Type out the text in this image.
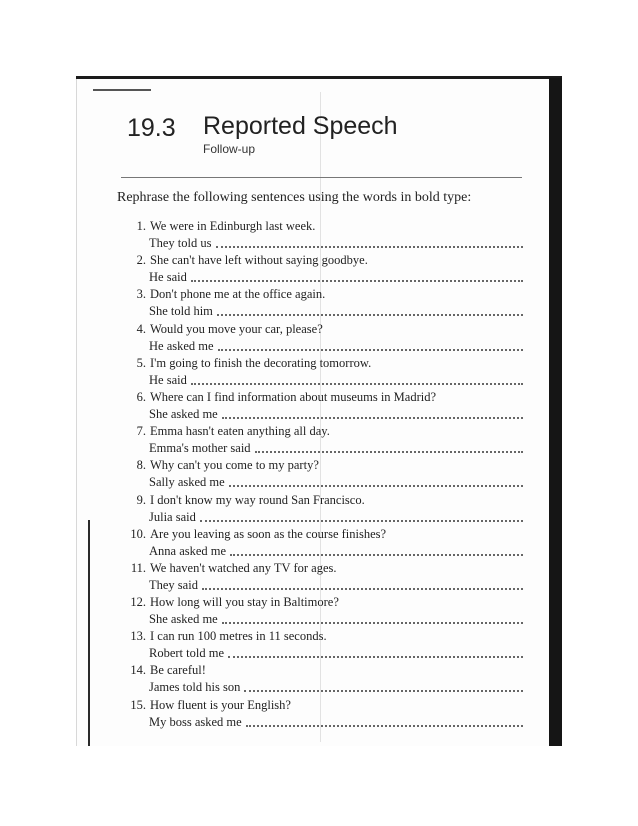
19.3 Reported Speech
Follow-up
Rephrase the following sentences using the words in bold type:
1. We were in Edinburgh last week.
They told us
2. She can't have left without saying goodbye.
He said
3. Don't phone me at the office again.
She told him
4. Would you move your car, please?
He asked me
5. I'm going to finish the decorating tomorrow.
He said
6. Where can I find information about museums in Madrid?
She asked me
7. Emma hasn't eaten anything all day.
Emma's mother said
8. Why can't you come to my party?
Sally asked me
9. I don't know my way round San Francisco.
Julia said
10. Are you leaving as soon as the course finishes?
Anna asked me
11. We haven't watched any TV for ages.
They said
12. How long will you stay in Baltimore?
She asked me
13. I can run 100 metres in 11 seconds.
Robert told me
14. Be careful!
James told his son
15. How fluent is your English?
My boss asked me
